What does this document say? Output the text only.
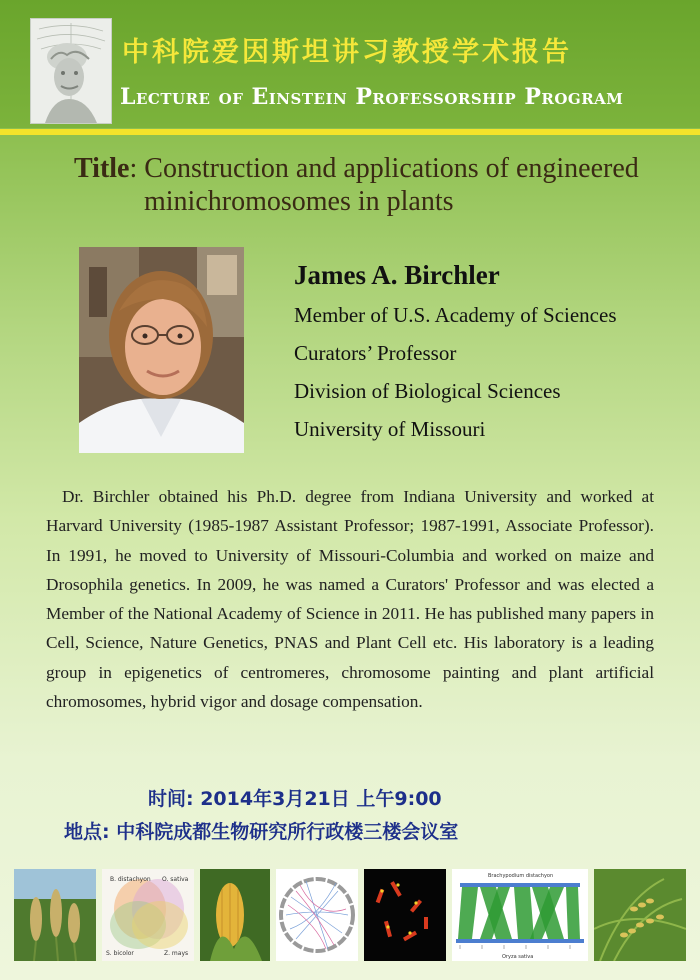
中科院爱因斯坦讲习教授学术报告
Lecture of Einstein Professorship Program
Title: Construction and applications of engineered
minichromosomes in plants
James A. Birchler
Member of U.S. Academy of Sciences
Curators’ Professor
Division of Biological Sciences
University of Missouri
Dr. Birchler obtained his Ph.D. degree from Indiana University and worked at Harvard University (1985-1987 Assistant Professor; 1987-1991, Associate Professor). In 1991, he moved to University of Missouri-Columbia and worked on maize and Drosophila genetics. In 2009, he was named a Curators' Professor and was elected a Member of the National Academy of Science in 2011. He has published many papers in Cell, Science, Nature Genetics, PNAS and Plant Cell etc. His laboratory is a leading group in epigenetics of centromeres, chromosome painting and plant artificial chromosomes, hybrid vigor and dosage compensation.
时间: 2014年3月21日 上午9:00
地点: 中科院成都生物研究所行政楼三楼会议室
B. distachyon O. sativa
S. bicolor	Z. mays
Brachypodium distachyon
Oryza sativa
